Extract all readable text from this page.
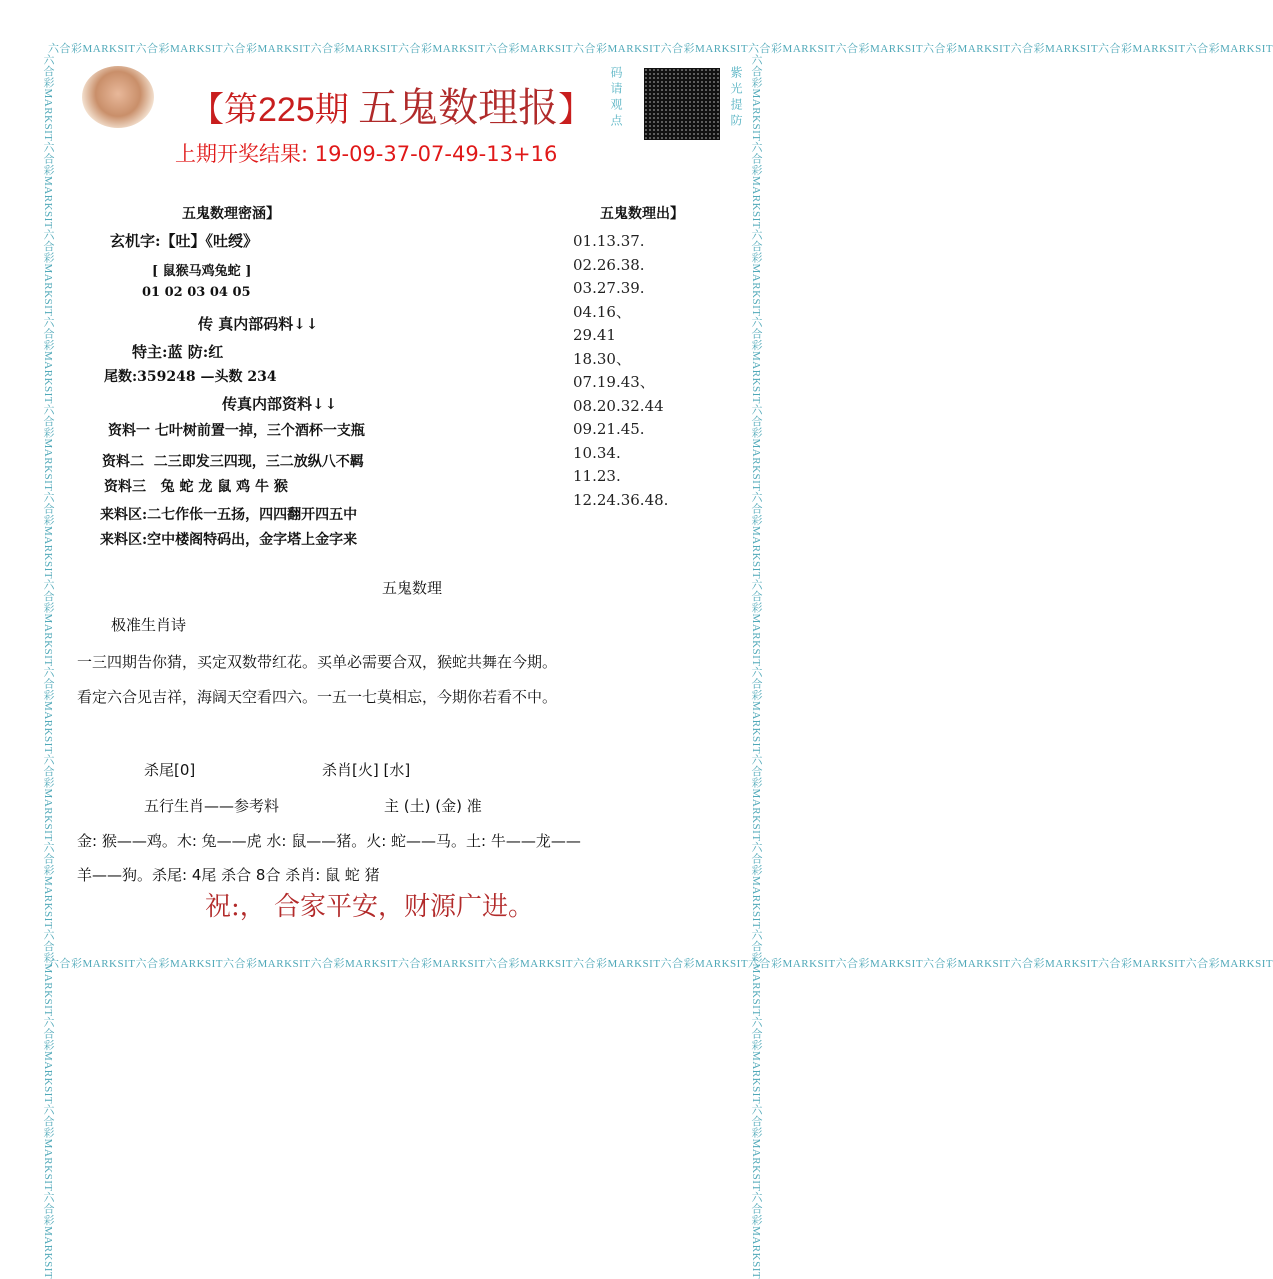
六合彩MARKSIT六合彩MARKSIT六合彩MARKSIT六合彩MARKSIT六合彩MARKSIT六合彩MARKSIT六合彩MARKSIT六合彩MARKSIT六合彩MARKSIT六合彩MARKSIT六合彩MARKSIT六合彩MARKSIT六合彩MARKSIT六合彩MARKSIT
六合彩MARKSIT六合彩MARKSIT六合彩MARKSIT六合彩MARKSIT六合彩MARKSIT六合彩MARKSIT六合彩MARKSIT六合彩MARKSIT六合彩MARKSIT六合彩MARKSIT六合彩MARKSIT六合彩MARKSIT六合彩MARKSIT六合彩MARKSIT
六合彩MARKSIT六合彩MARKSIT六合彩MARKSIT六合彩MARKSIT六合彩MARKSIT六合彩MARKSIT六合彩MARKSIT六合彩MARKSIT六合彩MARKSIT六合彩MARKSIT六合彩MARKSIT六合彩MARKSIT六合彩MARKSIT六合彩MARKSIT	六合彩MARKSIT六合彩MARKSIT六合彩MARKSIT六合彩MARKSIT六合彩MARKSIT六合彩MARKSIT六合彩MARKSIT六合彩MARKSIT六合彩MARKSIT六合彩MARKSIT六合彩MARKSIT六合彩MARKSIT六合彩MARKSIT六合彩MARKSIT
【第225期 五鬼数理报】
上期开奖结果: 19-09-37-07-49-13+16
码请观点	紫光提防
五鬼数理密涵】
玄机字:【吐】《吐绶》
[ 鼠猴马鸡兔蛇 ]
01 02 03 04 05
传 真内部码料↓↓
特主:蓝 防:红
尾数:359248 —头数 234
传真内部资料↓↓
资料一 七叶树前置一掉，三个酒杯一支瓶
资料二 二三即发三四现，三二放纵八不羁
资料三 兔 蛇 龙 鼠 鸡 牛 猴
来料区:二七作伥一五扬，四四翻开四五中
来料区:空中楼阁特码出，金字塔上金字来
五鬼数理出】
01.13.37.
02.26.38.
03.27.39.
04.16、
29.41
18.30、
07.19.43、
08.20.32.44
09.21.45.
10.34.
11.23.
12.24.36.48.
五鬼数理
极准生肖诗
一三四期告你猜，买定双数带红花。买单必需要合双，猴蛇共舞在今期。
看定六合见吉祥，海阔天空看四六。一五一七莫相忘，今期你若看不中。
杀尾[0]	杀肖[火] [水]
五行生肖——参考料	主 (土) (金) 准
金: 猴——鸡。木: 兔——虎 水: 鼠——猪。火: 蛇——马。土: 牛——龙——
羊——狗。杀尾: 4尾 杀合 8合 杀肖: 鼠 蛇 猪
祝:， 合家平安，财源广进。
